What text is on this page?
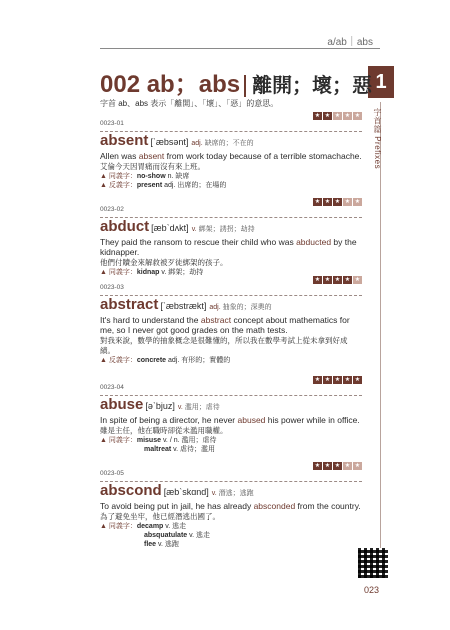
a/ab｜abs
1
字首篇 Prefixes
002 ab；abs 離開；壞；惡
字首 ab、abs 表示「離開」、「壞」、「惡」的意思。
0023-01
★ ★ ★ ★ ★
absent [ˋæbsənt] adj. 缺席的；不在的
Allen was absent from work today because of a terrible stomachache.
艾倫今天因胃痛而沒有來上班。
▲ 同義字：no-show n. 缺席
▲ 反義字：present adj. 出席的；在場的
0023-02
★ ★ ★ ★ ★
abduct [æbˋdʌkt] v. 綁架；誘拐；劫持
They paid the ransom to rescue their child who was abducted by the kidnapper.
他們付贖金來解救被歹徒綁架的孩子。
▲ 同義字：kidnap v. 綁架；劫持
0023-03
★ ★ ★ ★ ★
abstract [ˋæbstrækt] adj. 抽象的；深奧的
It's hard to understand the abstract concept about mathematics for me, so I never got good grades on the math tests.
對我來說，數學的抽象概念是很難懂的，所以我在數學考試上從未拿到好成績。
▲ 反義字：concrete adj. 有形的；實體的
0023-04
★ ★ ★ ★ ★
abuse [əˋbjuz] v. 濫用；虐待
In spite of being a director, he never abused his power while in office.
雖是主任，他在職時卻從未濫用職權。
▲ 同義字：misuse v. / n. 濫用；虐待
maltreat v. 虐待；濫用
0023-05
★ ★ ★ ★ ★
abscond [æbˋskɑnd] v. 潛逃；逃跑
To avoid being put in jail, he has already absconded from the country.
為了避免坐牢，他已經潛逃出國了。
▲ 同義字：decamp v. 逃走
absquatulate v. 逃走
flee v. 逃跑
023
